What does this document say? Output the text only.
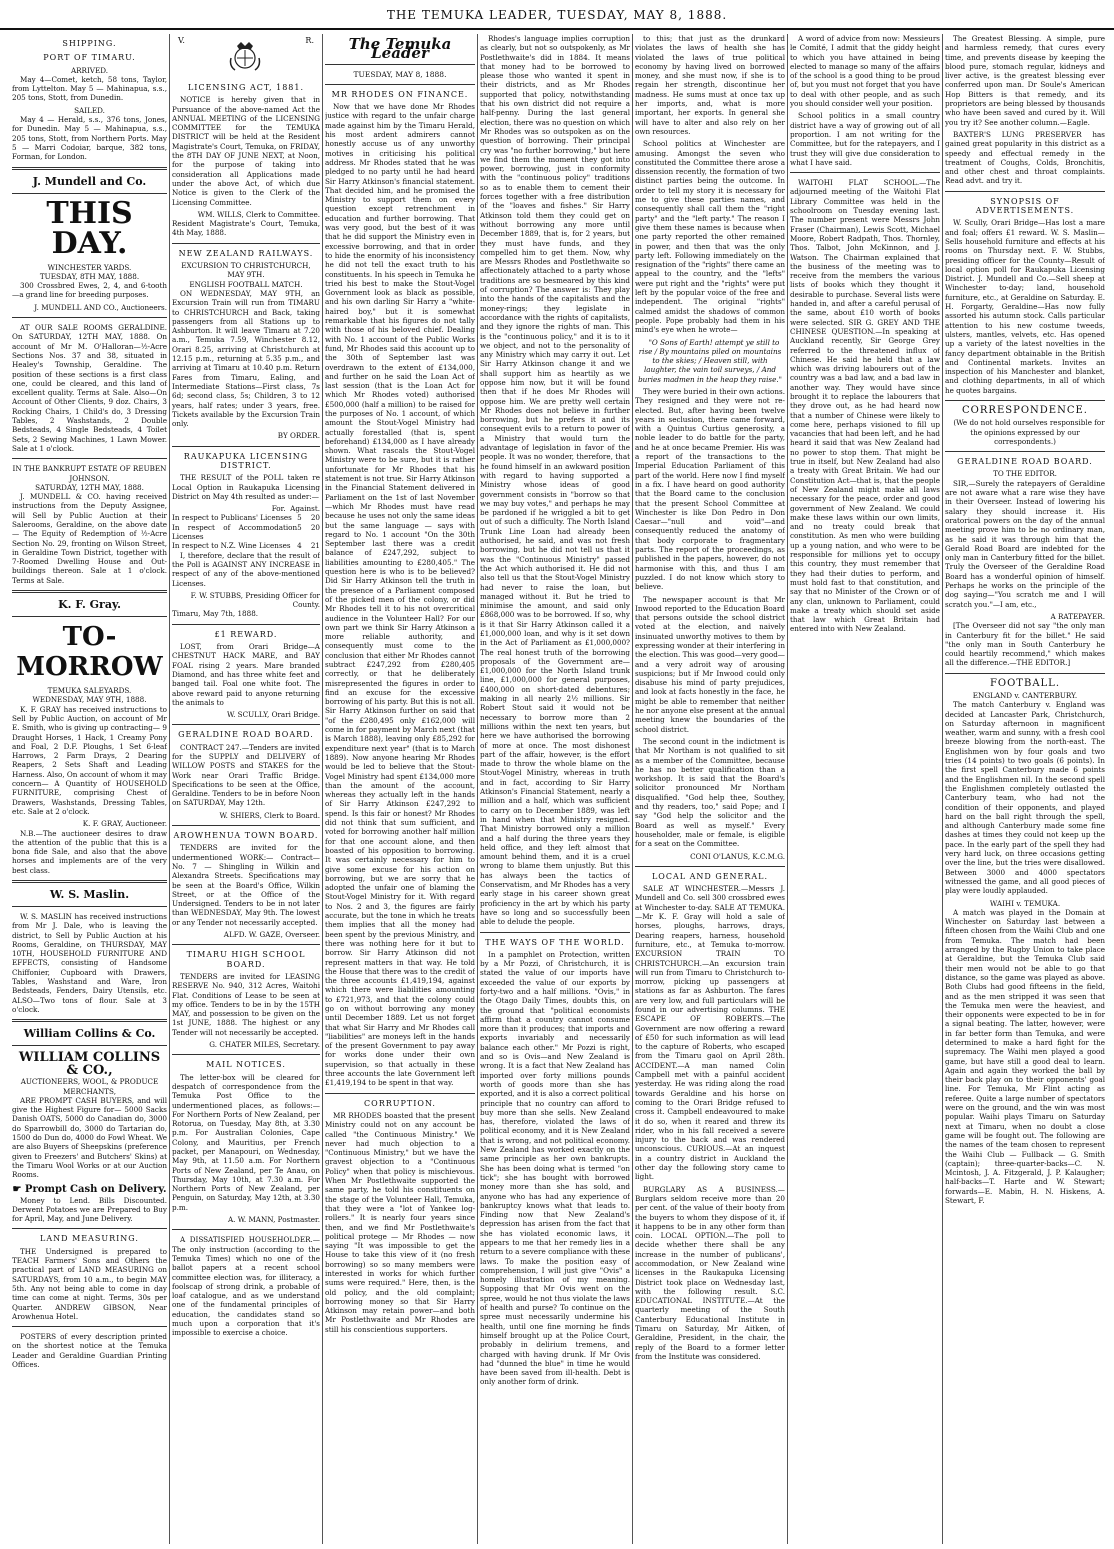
THE TEMUKA LEADER, TUESDAY, MAY 8, 1888.
SHIPPING.
PORT OF TIMARU.
ARRIVED.

May 4—Comet, ketch, 58 tons, Taylor, from Lyttelton. May 5 — Mahinapua, s.s., 205 tons, Stott, from Dunedin.

SAILED.

May 4 — Herald, s.s., 376 tons, Jones, for Dunedin. May 5 — Mahinapua, s.s., 205 tons, Stott, from Northern Ports. May 5 — Marri Codoiar, barque, 382 tons, Forman, for London.

J. Mundell and Co.
THIS DAY.
WINCHESTER YARDS.
TUESDAY, 8TH MAY, 1888.

300 Crossbred Ewes, 2, 4, and 6-tooth—a grand line for breeding purposes.

J. MUNDELL AND CO., Auctioneers.

AT OUR SALE ROOMS GERALDINE. On SATURDAY, 12TH MAY, 1888. On account of Mr M. O'Halloran—½-Acre Sections Nos. 37 and 38, situated in Healey's Township, Geraldine. The position of these sections is a first class one, could be cleared, and this land of excellent quality. Terms at Sale. Also—On Account of Other Clients, 9 doz. Chairs, 3 Rocking Chairs, 1 Child's do, 3 Dressing Tables, 2 Washstands, 2 Double Bedsteads, 4 Single Bedsteads, 4 Toilet Sets, 2 Sewing Machines, 1 Lawn Mower. Sale at 1 o'clock.

IN THE BANKRUPT ESTATE OF REUBEN JOHNSON.
SATURDAY, 12TH MAY, 1888.

J. MUNDELL & CO. having received instructions from the Deputy Assignee, will Sell by Public Auction at their Salerooms, Geraldine, on the above date— The Equity of Redemption of ½-Acre Section No. 29, fronting on Wilson Street, in Geraldine Town District, together with 7-Roomed Dwelling House and Out-buildings thereon. Sale at 1 o'clock. Terms at Sale.

K. F. Gray.
TO-MORROW
TEMUKA SALEYARDS.
WEDNESDAY, MAY 9TH, 1888.

K. F. GRAY has received instructions to Sell by Public Auction, on account of Mr E. Smith, who is giving up contracting— 9 Draught Horses, 1 Hack, 1 Creamy Pony and Foal, 2 D.F. Ploughs, 1 Set 6-leaf Harrows, 2 Farm Drays, 2 Dearing Reapers, 2 Sets Shaft and Leading Harness. Also, On account of whom it may concern— A Quantity of HOUSEHOLD FURNITURE, comprising Chest of Drawers, Washstands, Dressing Tables, etc. Sale at 2 o'clock.

K. F. GRAY, Auctioneer.

N.B.—The auctioneer desires to draw the attention of the public that this is a bona fide Sale, and also that the above horses and implements are of the very best class.

W. S. Maslin.

W. S. MASLIN has received instructions from Mr J. Dale, who is leaving the district, to Sell by Public Auction at his Rooms, Geraldine, on THURSDAY, MAY 10TH, HOUSEHOLD FURNITURE AND EFFECTS, consisting of Handsome Chiffonier, Cupboard with Drawers, Tables, Washstand and Ware, Iron Bedsteads, Fenders, Dairy Utensils, etc. ALSO—Two tons of flour. Sale at 3 o'clock.

William Collins & Co.
WILLIAM COLLINS & CO.,
AUCTIONEERS, WOOL, & PRODUCE MERCHANTS,

ARE PROMPT CASH BUYERS, and will give the Highest Figure for— 5000 Sacks Danish OATS, 5000 do Canadian do, 3000 do Sparrowbill do, 3000 do Tartarian do, 1500 do Dun do, 4000 do Fowl Wheat. We are also Buyers of Sheepskins (preference given to Freezers' and Butchers' Skins) at the Timaru Wool Works or at our Auction Rooms.

☛ Prompt Cash on Delivery.

Money to Lend. Bills Discounted. Derwent Potatoes we are Prepared to Buy for April, May, and June Delivery.

LAND MEASURING.

THE Undersigned is prepared to TEACH Farmers' Sons and Others the practical part of LAND MEASURING on SATURDAYS, from 10 a.m., to begin MAY 5th. Any not being able to come in day time can come at night. Terms, 30s per Quarter. ANDREW GIBSON, Near Arowhenua Hotel.

POSTERS of every description printed on the shortest notice at the Temuka Leader and Geraldine Guardian Printing Offices.

V.	R.
LICENSING ACT, 1881.

NOTICE is hereby given that in Pursuance of the above-named Act the ANNUAL MEETING of the LICENSING COMMITTEE for the TEMUKA DISTRICT will be held at the Resident Magistrate's Court, Temuka, on FRIDAY, the 8TH DAY OF JUNE NEXT, at Noon, for the purpose of taking into consideration all Applications made under the above Act, of which due Notice is given to the Clerk of the Licensing Committee.

WM. WILLS, Clerk to Committee.

Resident Magistrate's Court, Temuka, 4th May, 1888.

NEW ZEALAND RAILWAYS.
EXCURSION TO CHRISTCHURCH, MAY 9TH.
ENGLISH FOOTBALL MATCH.

ON WEDNESDAY, MAY 9TH, an Excursion Train will run from TIMARU to CHRISTCHURCH and Back, taking passengers from all Stations up to Ashburton. It will leave Timaru at 7.20 a.m., Temuka 7.59, Winchester 8.12, Orari 8.25, arriving at Christchurch at 12.15 p.m., returning at 5.35 p.m., and arriving at Timaru at 10.40 p.m. Return Fares from Timaru, Ealing, and Intermediate Stations—First class, 7s 6d; second class, 5s; Children, 3 to 12 years, half rates; under 3 years, free. Tickets available by the Excursion Train only.

BY ORDER.
RAUKAPUKA LICENSING DISTRICT.

THE RESULT of the POLL taken re Local Option in Raukapuka Licensing District on May 4th resulted as under:—

For. Against.
In respect to Publicans' Licenses 5 20
In respect of Accommodation Licenses
5 20
In respect to N.Z. Wine Licenses 4 21

I, therefore, declare that the result of the Poll is AGAINST ANY INCREASE in respect of any of the above-mentioned Licenses.

F. W. STUBBS, Presiding Officer for County.

Timaru, May 7th, 1888.

£1 REWARD.

LOST, from Orari Bridge—A CHESTNUT HACK MARE, and BAY FOAL rising 2 years. Mare branded Diamond, and has three white feet and banged tail. Foal one white foot. The above reward paid to anyone returning the animals to

W. SCULLY, Orari Bridge.
GERALDINE ROAD BOARD.

CONTRACT 247.—Tenders are invited for the SUPPLY and DELIVERY of WILLOW POSTS and STAKES for the Work near Orari Traffic Bridge. Specifications to be seen at the Office, Geraldine. Tenders to be in before Noon on SATURDAY, May 12th.

W. SHIERS, Clerk to Board.
AROWHENUA TOWN BOARD.

TENDERS are invited for the undermentioned WORK:— Contract— No. 7 — Shingling in Wilkin and Alexandra Streets. Specifications may be seen at the Board's Office, Wilkin Street, or at the Office of the Undersigned. Tenders to be in not later than WEDNESDAY, May 9th. The lowest or any Tender not necessarily accepted.

ALFD. W. GAZE, Overseer.
TIMARU HIGH SCHOOL BOARD.

TENDERS are invited for LEASING RESERVE No. 940, 312 Acres, Waitohi Flat. Conditions of Lease to be seen at my office. Tenders to be in by the 15TH MAY, and possession to be given on the 1st JUNE, 1888. The highest or any Tender will not necessarily be accepted.

G. CHATER MILES, Secretary.
MAIL NOTICES.

The letter-box will be cleared for despatch of correspondence from the Temuka Post Office to the undermentioned places, as follows:— For Northern Ports of New Zealand, per Rotorua, on Tuesday, May 8th, at 3.30 p.m. For Australian Colonies, Cape Colony, and Mauritius, per French packet, per Manapouri, on Wednesday, May 9th, at 11.50 a.m. For Northern Ports of New Zealand, per Te Anau, on Thursday, May 10th, at 7.30 a.m. For Northern Ports of New Zealand, per Penguin, on Saturday, May 12th, at 3.30 p.m.

A. W. MANN, Postmaster.

A DISSATISFIED HOUSEHOLDER.—The only instruction (according to the Temuka Times) which no one of the ballot papers at a recent school committee election was, for illiteracy, a foolscap of strong drink, a probable of loaf catalogue, and as we understand one of the fundamental principles of education, the candidates stand so much upon a corporation that it's impossible to exercise a choice.

The Temuka Leader
TUESDAY, MAY 8, 1888.
MR RHODES ON FINANCE.

Now that we have done Mr Rhodes justice with regard to the unfair charge made against him by the Timaru Herald, his most ardent admirers cannot honestly accuse us of any unworthy motives in criticising his political address. Mr Rhodes stated that he was pledged to no party until he had heard Sir Harry Atkinson's financial statement. That decided him, and he promised the Ministry to support them on every question except retrenchment in education and further borrowing. That was very good, but the best of it was that he did support the Ministry even in excessive borrowing, and that in order to hide the enormity of his inconsistency he did not tell the exact truth to his constituents. In his speech in Temuka he tried his best to make the Stout-Vogel Government look as black as possible, and his own darling Sir Harry a "white-haired boy," but it is somewhat remarkable that his figures do not tally with those of his beloved chief. Dealing with No. 1 account of the Public Works fund, Mr Rhodes said this account up to the 30th of September last was overdrawn to the extent of £134,000, and further on he said the Loan Act of last session (that is the Loan Act for which Mr Rhodes voted) authorised £500,000 (half a million) to be raised for the purposes of No. 1 account, of which amount the Stout-Vogel Ministry had actually forestalled (that is, spent beforehand) £134,000 as I have already shown. What rascals the Stout-Vogel Ministry were to be sure, but it is rather unfortunate for Mr Rhodes that his statement is not true. Sir Harry Atkinson in the Financial Statement delivered in Parliament on the 1st of last November—which Mr Rhodes must have read because he uses not only the same ideas but the same language — says with regard to No. 1 account "On the 30th September last there was a credit balance of £247,292, subject to liabilities amounting to £280,405." The question here is who is to be believed? Did Sir Harry Atkinson tell the truth in the presence of a Parliament composed of the picked men of the colony, or did Mr Rhodes tell it to his not overcritical audience in the Volunteer Hall? For our own part we think Sir Harry Atkinson a more reliable authority, and consequently must come to the conclusion that either Mr Rhodes cannot subtract £247,292 from £280,405 correctly, or that he deliberately misrepresented the figures in order to find an excuse for the excessive borrowing of his party. But this is not all. Sir Harry Atkinson further on said that "of the £280,495 only £162,000 will come in for payment by March next (that is March 1888), leaving only £85,292 for expenditure next year" (that is to March 1889). Now anyone hearing Mr Rhodes would be led to believe that the Stout-Vogel Ministry had spent £134,000 more than the amount of the account, whereas they actually left in the hands of Sir Harry Atkinson £247,292 to spend. Is this fair or honest? Mr Rhodes did not think that sum sufficient, and voted for borrowing another half million for that one account alone, and then boasted of his opposition to borrowing. It was certainly necessary for him to give some excuse for his action on borrowing, but we are sorry that he adopted the unfair one of blaming the Stout-Vogel Ministry for it. With regard to Nos. 2 and 3, the figures are fairly accurate, but the tone in which he treats them implies that all the money had been spent by the previous Ministry, and there was nothing here for it but to borrow. Sir Harry Atkinson did not represent matters in that way. He told the House that there was to the credit of the three accounts £1,419,194, against which there were liabilities amounting to £721,973, and that the colony could go on without borrowing any money until December 1889. Let us not forget that what Sir Harry and Mr Rhodes call "liabilities" are moneys left in the hands of the present Government to pay away for works done under their own supervision, so that actually in these three accounts the late Government left £1,419,194 to be spent in that way.

CORRUPTION.

MR RHODES boasted that the present Ministry could not on any account be called "the Continuous Ministry." We never had much objection to a "Continuous Ministry," but we have the gravest objection to a "Continuous Policy" when that policy is mischievous. When Mr Postlethwaite supported the same party, he told his constituents on the stage of the Volunteer Hall, Temuka, that they were a "lot of Yankee log-rollers." It is nearly four years since then, and we find Mr Postlethwaite's political protege — Mr Rhodes — now saying "It was impossible to get the House to take this view of it (no fresh borrowing) so so many members were interested in works for which further sums were required." Here, then, is the old policy, and the old complaint; borrowing money so that Sir Harry Atkinson may retain power—and both Mr Postlethwaite and Mr Rhodes are still his conscientious supporters.

Rhodes's language implies corruption as clearly, but not so outspokenly, as Mr Postlethwaite's did in 1884. It means that money had to be borrowed to please those who wanted it spent in their districts, and as Mr Rhodes supported that policy, notwithstanding that his own district did not require a half-penny. During the last general election, there was no question on which Mr Rhodes was so outspoken as on the question of borrowing. Their principal cry was "no further borrowing," but here we find them the moment they got into power, borrowing, just in conformity with the "continuous policy" traditions so as to enable them to cement their forces together with a free distribution of the "loaves and fishes." Sir Harry Atkinson told them they could get on without borrowing any more until December 1889, that is, for 2 years, but they must have funds, and they compelled him to get them. Now, why are Messrs Rhodes and Postlethwaite so affectionately attached to a party whose traditions are so besmeared by this kind of corruption? The answer is: They play into the hands of the capitalists and the money-rings; they legislate in accordance with the rights of capitalists, and they ignore the rights of man. This is the "continuous policy," and it is to it we object, and not to the personality of any Ministry which may carry it out. Let Sir Harry Atkinson change it and we shall support him as heartily as we oppose him now, but it will be found then that if he does Mr Rhodes will oppose him. We are pretty well certain Mr Rhodes does not believe in further borrowing, but he prefers it and its consequent evils to a return to power of a Ministry that would turn the advantage of legislation in favor of the people. It was no wonder, therefore, that he found himself in an awkward position with regard to having supported a Ministry whose ideas of good government consists in "borrow so that we may buy votes," and perhaps he may be pardoned if he wriggled a bit to get out of such a difficulty. The North Island Trunk Line Loan had already been authorised, he said, and was not fresh borrowing, but he did not tell us that it was the "Continuous Ministry" passed the Act which authorised it. He did not also tell us that the Stout-Vogel Ministry had never to raise the loan, but managed without it. But he tried to minimise the amount, and said only £868,000 was to be borrowed. If so, why is it that Sir Harry Atkinson called it a £1,000,000 loan, and why is it set down in the Act of Parliament as £1,000,000? The real honest truth of the borrowing proposals of the Government are—£1,000,000 for the North Island trunk line, £1,000,000 for general purposes, £400,000 on short-dated debentures; making in all nearly 2½ millions. Sir Robert Stout said it would not be necessary to borrow more than 2 millions within the next ten years, but here we have authorised the borrowing of more at once. The most dishonest part of the affair, however, is the effort made to throw the whole blame on the Stout-Vogel Ministry, whereas in truth and in fact, according to Sir Harry Atkinson's Financial Statement, nearly a million and a half, which was sufficient to carry on to December 1889, was left in hand when that Ministry resigned. That Ministry borrowed only a million and a half during the three years they held office, and they left almost that amount behind them, and it is a cruel wrong to blame them unjustly. But this has always been the tactics of Conservatism, and Mr Rhodes has a very early stage in his career shown great proficiency in the art by which his party have so long and so successfully been able to delude the people.

THE WAYS OF THE WORLD.

In a pamphlet on Protection, written by a Mr Pozzi, of Christchurch, it is stated the value of our imports have exceeded the value of our exports by forty-two and a half millions. "Ovis," in the Otago Daily Times, doubts this, on the ground that "political economists affirm that a country cannot consume more than it produces; that imports and exports invariably and necessarily balance each other." Mr Pozzi is right, and so is Ovis—and New Zealand is wrong. It is a fact that New Zealand has imported over forty millions pounds worth of goods more than she has exported, and it is also a correct political principle that no country can afford to buy more than she sells. New Zealand has, therefore, violated the laws of political economy, and it is New Zealand that is wrong, and not political economy. New Zealand has worked exactly on the same principle as her own bankrupts. She has been doing what is termed "on tick"; she has bought with borrowed money more than she has sold, and anyone who has had any experience of bankruptcy knows what that leads to. Finding now that New Zealand's depression has arisen from the fact that she has violated economic laws, it appears to me that her remedy lies in a return to a severe compliance with these laws. To make the position easy of comprehension, I will just give "Ovis" a homely illustration of my meaning. Supposing that Mr Ovis went on the spree, would he not thus violate the laws of health and purse? To continue on the spree must necessarily undermine his health, until one fine morning he finds himself brought up at the Police Court, probably in delirium tremens, and charged with having drunk. If Mr Ovis had "dunned the blue" in time he would have been saved from ill-health. Debt is only another form of drink.

to this; that just as the drunkard violates the laws of health she has violated the laws of true political economy by having lived on borrowed money, and she must now, if she is to regain her strength, discontinue her madness. He sums must at once tax up her imports, and, what is more important, her exports. In general she will have to alter and also rely on her own resources.

School politics at Winchester are amusing. Amongst the seven who constituted the Committee there arose a dissension recently, the formation of two distinct parties being the outcome. In order to tell my story it is necessary for me to give these parties names, and consequently shall call them the "right party" and the "left party." The reason I give them these names is because when one party reported the other remained in power, and then that was the only party left. Following immediately on the resignation of the "rights" there came an appeal to the country, and the "lefts" were put right and the "rights" were put left by the popular voice of the free and independent. The original "rights" calmed amidst the shadows of common people. Pope probably had them in his mind's eye when he wrote—

"O Sons of Earth! attempt ye still to rise / By mountains piled on mountains to the skies; / Heaven still, with laughter, the vain toil surveys, / And buries madmen in the heap they raise."

They were buried in their own actions. They resigned and they were not re-elected. But, after having been twelve years in seclusion, there came forward, with a Quintus Curtius generosity, a noble leader to do battle for the party, and he at once became Premier. His was a report of the transactions to the Imperial Education Parliament of this part of the world. Here now I find myself in a fix. I have heard on good authority that the Board came to the conclusion that the present School Committee at Winchester is like Don Pedro in Don Caesar—"null and void"—and consequently reduced the anatomy of that body corporate to fragmentary parts. The report of the proceedings, as published in the papers, however, do not harmonise with this, and thus I am puzzled. I do not know which story to believe.

The newspaper account is that Mr Inwood reported to the Education Board that persons outside the school district voted at the election, and naively insinuated unworthy motives to them by expressing wonder at their interfering in the election. This was good—very good—and a very adroit way of arousing suspicions; but if Mr Inwood could only disabuse his mind of party prejudices, and look at facts honestly in the face, he might be able to remember that neither he nor anyone else present at the annual meeting knew the boundaries of the school district.

The second count in the indictment is that Mr Northam is not qualified to sit as a member of the Committee, because he has no better qualification than a workshop. It is said that the Board's solicitor pronounced Mr Northam disqualified. "God help thee, Southey, and thy readers, too," said Pope; and I say "God help the solicitor and the Board as well as myself." Every householder, male or female, is eligible for a seat on the Committee.

CONI O'LANUS, K.C.M.G.
LOCAL AND GENERAL.

SALE AT WINCHESTER.—Messrs J. Mundell and Co. sell 300 crossbred ewes at Winchester to-day. SALE AT TEMUKA.—Mr K. F. Gray will hold a sale of horses, ploughs, harrows, drays, Dearing reapers, harness, household furniture, etc., at Temuka to-morrow. EXCURSION TRAIN TO CHRISTCHURCH.—An excursion train will run from Timaru to Christchurch to-morrow, picking up passengers at stations as far as Ashburton. The fares are very low, and full particulars will be found in our advertising columns. THE ESCAPE OF ROBERTS.—The Government are now offering a reward of £50 for such information as will lead to the capture of Roberts, who escaped from the Timaru gaol on April 28th. ACCIDENT.—A man named Colin Campbell met with a painful accident yesterday. He was riding along the road towards Geraldine and his horse on coming to the Orari Bridge refused to cross it. Campbell endeavoured to make it do so, when it reared and threw its rider, who in his fall received a severe injury to the back and was rendered unconscious. CURIOUS.—At an inquest in a country district in Auckland the other day the following story came to light.

BURGLARY AS A BUSINESS.—Burglars seldom receive more than 20 per cent. of the value of their booty from the buyers to whom they dispose of it, if it happens to be in any other form than coin. LOCAL OPTION.—The poll to decide whether there shall be any increase in the number of publicans', accommodation, or New Zealand wine licenses in the Raukapuka Licensing District took place on Wednesday last, with the following result. S.C. EDUCATIONAL INSTITUTE.—At the quarterly meeting of the South Canterbury Educational Institute in Timaru on Saturday, Mr Aitken, of Geraldine, President, in the chair, the reply of the Board to a former letter from the Institute was considered.

A word of advice from now: Messieurs le Comité, I admit that the giddy height to which you have attained in being elected to manage so many of the affairs of the school is a good thing to be proud of, but you must not forget that you have to deal with other people, and as such you should consider well your position.

School politics in a small country district have a way of growing out of all proportion. I am not writing for the Committee, but for the ratepayers, and I trust they will give due consideration to what I have said.

WAITOHI FLAT SCHOOL.—The adjourned meeting of the Waitohi Flat Library Committee was held in the schoolroom on Tuesday evening last. The number present were Messrs John Fraser (Chairman), Lewis Scott, Michael Moore, Robert Radpath, Thos. Thornley, Thos. Talbot, John McKinnon, and J. Watson. The Chairman explained that the business of the meeting was to receive from the members the various lists of books which they thought it desirable to purchase. Several lists were handed in, and after a careful perusal of the same, about £10 worth of books were selected. SIR G. GREY AND THE CHINESE QUESTION.—In speaking at Auckland recently, Sir George Grey referred to the threatened influx of Chinese. He said he held that a law which was driving labourers out of the country was a bad law, and a bad law in another way. They would have since brought it to replace the labourers that they drove out, as he had heard now that a number of Chinese were likely to come here, perhaps visioned to fill up vacancies that had been left, and he had heard it said that was New Zealand had no power to stop them. That might be true in itself, but New Zealand had also a treaty with Great Britain. We had our Constitution Act—that is, that the people of New Zealand might make all laws necessary for the peace, order and good government of New Zealand. We could make these laws within our own limits, and no treaty could break that constitution. As men who were building up a young nation, and who were to be responsible for millions yet to occupy this country, they must remember that they had their duties to perform, and must hold fast to that constitution, and say that no Minister of the Crown or of any clan, unknown to Parliament, could make a treaty which should set aside that law which Great Britain had entered into with New Zealand.

The Greatest Blessing. A simple, pure and harmless remedy, that cures every time, and prevents disease by keeping the blood pure, stomach regular, kidneys and liver active, is the greatest blessing ever conferred upon man. Dr Soule's American Hop Bitters is that remedy, and its proprietors are being blessed by thousands who have been saved and cured by it. Will you try it? See another column.—Eagle.

BAXTER'S LUNG PRESERVER has gained great popularity in this district as a speedy and effectual remedy in the treatment of Coughs, Colds, Bronchitis, and other chest and throat complaints. Read advt. and try it.

SYNOPSIS OF ADVERTISEMENTS.

W. Scully, Orari Bridge—Has lost a mare and foal; offers £1 reward. W. S. Maslin—Sells household furniture and effects at his rooms on Thursday next. F. W. Stubbs, presiding officer for the County—Result of local option poll for Raukapuka Licensing District. J. Mundell and Co.—Sell sheep at Winchester to-day; land, household furniture, etc., at Geraldine on Saturday. E. H. Forgarty, Geraldine—Has now fully assorted his autumn stock. Calls particular attention to his new costume tweeds, ulsters, mantles, velvets, etc. Has opened up a variety of the latest novelties in the fancy department obtainable in the British and Continental markets. Invites an inspection of his Manchester and blanket, and clothing departments, in all of which he quotes bargains.

CORRESPONDENCE.

(We do not hold ourselves responsible for the opinions expressed by our correspondents.)

GERALDINE ROAD BOARD.
TO THE EDITOR.

SIR,—Surely the ratepayers of Geraldine are not aware what a rare wise they have in their Overseer. Instead of lowering his salary they should increase it. His oratorical powers on the day of the annual meeting prove him to be no ordinary man, as he said it was through him that the Gerald Road Board are indebted for the only man in Canterbury fitted for the billet. Truly the Overseer of the Geraldine Road Board has a wonderful opinion of himself. Perhaps he works on the principle of the dog saying—"You scratch me and I will scratch you."—I am, etc.,

A RATEPAYER.

[The Overseer did not say "the only man in Canterbury fit for the billet." He said "the only man in South Canterbury he could heartily recommend," which makes all the difference.—THE EDITOR.]

FOOTBALL.
ENGLAND v. CANTERBURY.

The match Canterbury v. England was decided at Lancaster Park, Christchurch, on Saturday afternoon in magnificent weather, warm and sunny, with a fresh cool breeze blowing from the north-east. The Englishmen won by four goals and two tries (14 points) to two goals (6 points). In the first spell Canterbury made 6 points and the Englishmen nil. In the second spell the Englishmen completely outlasted the Canterbury team, who had not the condition of their opponents, and played hard on the ball right through the spell, and although Canterbury made some fine dashes at times they could not keep up the pace. In the early part of the spell they had very hard luck, on three occasions getting over the line, but the tries were disallowed. Between 3000 and 4000 spectators witnessed the game, and all good pieces of play were loudly applauded.

WAIHI v. TEMUKA.

A match was played in the Domain at Winchester on Saturday last between a fifteen chosen from the Waihi Club and one from Temuka. The match had been arranged by the Rugby Union to take place at Geraldine, but the Temuka Club said their men would not be able to go that distance, so the game was played as above. Both Clubs had good fifteens in the field, and as the men stripped it was seen that the Temuka men were the heaviest, and their opponents were expected to be in for a signal beating. The latter, however, were in far better form than Temuka, and were determined to make a hard fight for the supremacy. The Waihi men played a good game, but have still a good deal to learn. Again and again they worked the ball by their back play on to their opponents' goal line. For Temuka, Mr Flint acting as referee. Quite a large number of spectators were on the ground, and the win was most popular. Waihi plays Timaru on Saturday next at Timaru, when no doubt a close game will be fought out. The following are the names of the team chosen to represent the Waihi Club — Fullback — G. Smith (captain); three-quarter-backs—C. N. Mcintosh, J. A. Fitzgerald, J. P. Kalaugher; half-backs—T. Harte and W. Stewart; forwards—E. Mabin, H. N. Hiskens, A. Stewart, F.
